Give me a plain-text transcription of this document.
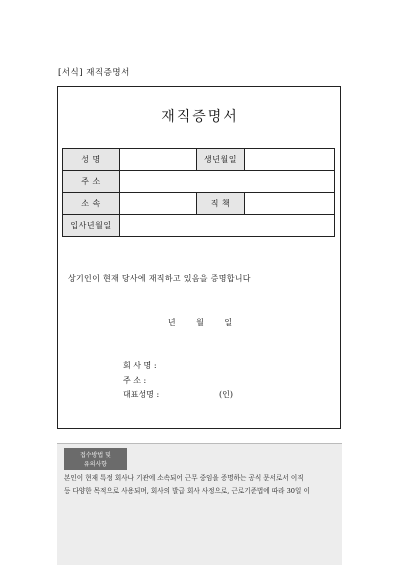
[서식] 재직증명서
재직증명서
성 명		생년월일	
주 소			
소 속		직 책	
입사년월일			
상기인이 현재 당사에 재직하고 있음을 증명합니다
년	월	일
회 사 명 :
주 소 :
대표성명 :	(인)
접수방법 및
유의사항
본인이 현재 특정 회사나 기관에 소속되어 근무 중임을 증명하는 공식 문서로서 이직
등 다양한 목적으로 사용되며, 회사의 발급 회사 사정으로, 근로기준법에 따라 30일 이
